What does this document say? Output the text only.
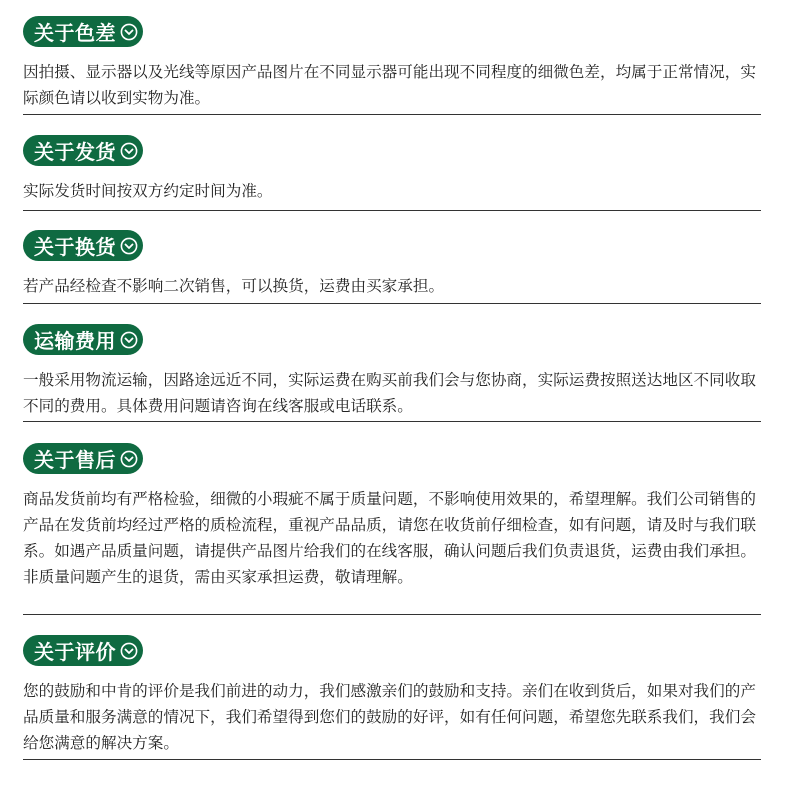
关于色差
因拍摄、显示器以及光线等原因产品图片在不同显示器可能出现不同程度的细微色差，均属于正常情况，实际颜色请以收到实物为准。
关于发货
实际发货时间按双方约定时间为准。
关于换货
若产品经检查不影响二次销售，可以换货，运费由买家承担。
运输费用
一般采用物流运输，因路途远近不同，实际运费在购买前我们会与您协商，实际运费按照送达地区不同收取不同的费用。具体费用问题请咨询在线客服或电话联系。
关于售后
商品发货前均有严格检验，细微的小瑕疵不属于质量问题，不影响使用效果的，希望理解。我们公司销售的产品在发货前均经过严格的质检流程，重视产品品质，请您在收货前仔细检查，如有问题，请及时与我们联系。如遇产品质量问题，请提供产品图片给我们的在线客服，确认问题后我们负责退货，运费由我们承担。非质量问题产生的退货，需由买家承担运费，敬请理解。
关于评价
您的鼓励和中肯的评价是我们前进的动力，我们感激亲们的鼓励和支持。亲们在收到货后，如果对我们的产品质量和服务满意的情况下，我们希望得到您们的鼓励的好评，如有任何问题，希望您先联系我们，我们会给您满意的解决方案。
